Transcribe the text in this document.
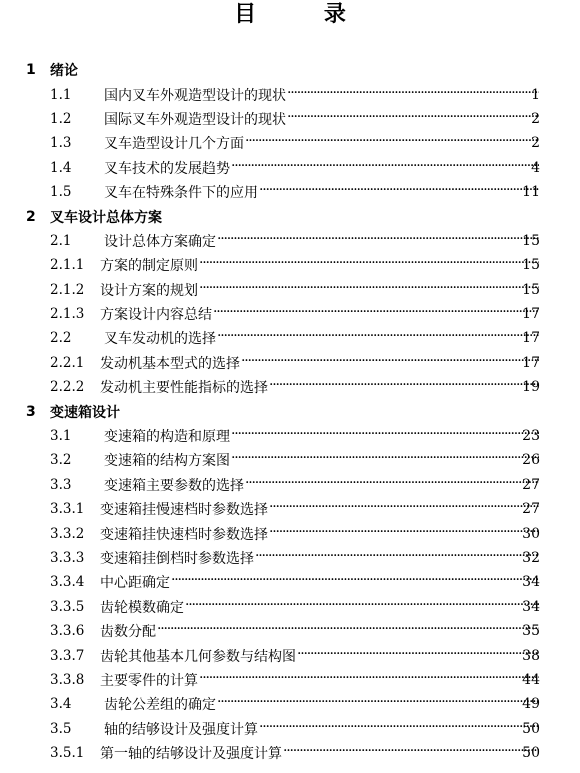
目 录
1 绪论
1.1 国内叉车外观造型设计的现状 ·····	1
1.2 国际叉车外观造型设计的现状 ·····	2
1.3 叉车造型设计几个方面 ·····	2
1.4 叉车技术的发展趋势 ·····	4
1.5 叉车在特殊条件下的应用 ·····	11
2 叉车设计总体方案
2.1 设计总体方案确定 ·····	15
2.1.1 方案的制定原则 ·····	15
2.1.2 设计方案的规划 ·····	15
2.1.3 方案设计内容总结 ·····	17
2.2 叉车发动机的选择 ·····	17
2.2.1 发动机基本型式的选择 ·····	17
2.2.2 发动机主要性能指标的选择 ·····	19
3 变速箱设计
3.1 变速箱的构造和原理 ·····	23
3.2 变速箱的结构方案图 ·····	26
3.3 变速箱主要参数的选择 ·····	27
3.3.1 变速箱挂慢速档时参数选择 ·····	27
3.3.2 变速箱挂快速档时参数选择 ·····	30
3.3.3 变速箱挂倒档时参数选择 ·····	32
3.3.4 中心距确定 ·····	34
3.3.5 齿轮模数确定 ·····	34
3.3.6 齿数分配 ·····	35
3.3.7 齿轮其他基本几何参数与结构图 ·····	38
3.3.8 主要零件的计算 ·····	44
3.4 齿轮公差组的确定 ·····	49
3.5 轴的结够设计及强度计算 ·····	50
3.5.1 第一轴的结够设计及强度计算 ·····	50
